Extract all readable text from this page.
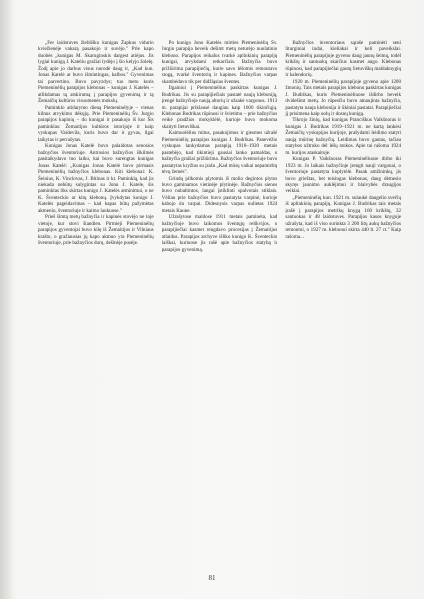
„Fer laidotuves žiebliško kunigas Žapkus vidurio kviežienėje vakarą pasakojo ir suvėjo." Prie kapo duobės „kunigas M. Skaruginskis dargest atiėjus. Jis lygiai kunigą J. Kateliu gražiai lydėjo į šio kelyjo žolelę. Žodį apie jo darbus visus nurodė daug ir, „Kad kun. Jonas Katelė ar buvo išmintingas, kalbos." Gyvenimas tai parvertino. Buvo pavyzdys; tuo metu kuris Piemeninėlių parapijos klebonas – kunigas J. Katelės – atlikdamas tą atskirumą į parapijos gyvenimą ir tą Žemaičių kultūros visuomenės mokslų.

Paminklo atidarymo dieną Piemeninėlyje – vienas kilnus atvykimo dėkųjų. Prie Piemeninėlių Šv. Jurgio parapijos kapinių – du kunigai ir pasakojo iš kur Šis paminklas: Žemaitijos kultūros istorijoje ir kaip vyskupas Vaidevila, kuris buvo dar ir gyvas, ilgai laikytas ir perrašytas.

Kunigas Jonas Katelė buvo palaidotas senosios bažnyčios šventoriuje. Antrosios bažnyčios iškilmės pasitaikydavo tuo laiku, kai buvo surengtas kunigas Jonas Katelė: „Kunigas Jonas Katelė buvo pirmasis Piemeninėlių bažnyčios klebonas. Kiti klebonai: K. Šeinius, K. Vinclovas, J. Bitinas ir kt. Paminklą, kad jis niekada nebūtų sulygintas su Jonu J. Katele, šis paminklas liks skirtas kunigo J. Katelės atminimui, o ne K. Šventeckio ar kitų klebonų. Įvykdytas kunigo J. Katelės pageidavimas – kad kapas būtų pažymėtas akmeniu, šventoriuje ir kaimo laukuose."

Prieš šimtą metų bažnyčia ir kapinės stovėjo ne toje vietoje, kur stovi šiandien. Pirmieji Piemeninėlių parapijos gyventojai buvo kilę iš Žemaitijos ir Vilniaus krašto, o gražiausias jų kapo akmuo yra Piemeninėlių šventoriuje, prie bažnyčios durų, dešinėje pusėje.

Po kunigo Jono Katelės mirties Piemeninėlių Šv. Jurgio parapija beveik dešimt metų neturėjo nuolatinio klebono. Parapijos reikalus tvarkė aplinkinių parapijų kunigai, atvykdami retkarčiais. Bažnyčia buvo prižiūrima parapijiečių, kurie savo lėšomis remontavo stogą, tvarkė šventorių ir kapines. Bažnyčios varpas skambėdavo tik per didžiąsias šventes.

Ilgainiui į Piemeninėlius paskirtas kunigas J. Budrikas. Jis su parapijiečiais pastatė naują kleboniją, įrengė bažnyčioje naują altorių ir užsakė vargonus. 1913 m. parapijai priklausė daugiau kaip 1600 tikinčiųjų. Klebonas Budrikas rūpinosi ir švietimu – prie bažnyčios veikė pradžios mokyklėlė, kurioje buvo mokoma skaityti lietuviškai.

Kaimuolėlius mitus, pasakojimus ir giesmes užrašė Piemeninėlių parapijos kunigas J. Budrikas. Panevėžio vyskupas lankydamas parapiją 1918–1920 metais pastebėjo, kad tikintieji gausiai lanko pamaldas, o bažnyčia gražiai prižiūrima. Bažnyčios šventoriuje buvo pastatytas kryžius su įrašu „Kad mūsų vaikai nepamirštų tėvų žemės".

Grindų pilkomis plytomis iš molio degintos plytos buvo gaminamos vietinėje plytinėje. Bažnyčios sienos buvo nubaltintos, langai įstiklinti spalvotais stiklais. Vėliau prie bažnyčios buvo pastatyta varpinė, kurioje kabojo du varpai. Didesnysis varpas nulietas 1924 metais Kaune.

Užrašytose maldose 1911 metais paminėta, kad bažnyčioje buvo laikomos šventųjų relikvijos, o parapijiečiai kasmet rengdavo procesijas į Žemaitijos atlaidus. Parapijos archyve išliko kunigo K. Šventeckio laiškai, kuriuose jis rašė apie bažnyčios statybą ir parapijos gyvenimą.

Bažnyčios inventoriaus sąraše paminėti seni liturginiai indai, kieliakai ir keli paveikslai. Piemeninėlių parapijoje gyveno daug jaunų šeimų, todėl krikštų ir santuokų skaičius kasmet augo. Klebonas rūpinosi, kad parapijiečiai gautų lietuviškų maldaknygių ir kalendorių.

1920 m. Piemeninėlių parapijoje gyveno apie 1200 žmonių. Tais metais parapijos klebonu paskirtas kunigas J. Budrikas, kuris Piemeninėliuose išdirbo beveik dvidešimt metų. Jo rūpesčiu buvo atnaujinta bažnyčia, pastatyta nauja klebonija ir ūkiniai pastatai. Parapijiečiai jį prisimena kaip uolų ir dosnų kunigą.

Tikrojo žinių, kad kunigas Pranciškus Vaikšnoras ir kunigas J. Budrikas 1919–1921 m. ne kartą lankėsi Žemaičių vyskupijos kurijoje, prašydami leidimo statyti naują mūrinę bažnyčią. Leidimas buvo gautas, tačiau statybos užtruko dėl lėšų stokos. Apie tai rašoma 1924 m. kurijos ataskaitoje.

Kunigas P. Vaikšnoras Piemeninėliuose dirbo iki 1923 m. Jo laikais bažnyčioje įrengti nauji vargonai, o šventoriuje pastatyta koplytėlė. Pasak amžininkų, jis buvo griežtas, bet teisingas klebonas, daug dėmesio skyręs jaunimo auklėjimui ir blaivybės draugijos veiklai.

„Piemeninėlių kun. 1921 m. sulaukė daugelio svečių iš aplinkinių parapijų. Kunigas J. Budrikas tais metais įrašė į parapijos metrikų knygą 160 krikštų, 32 santuokas ir 48 laidotuves. Parapijos kasos knygoje užrašyta, kad iš viso surinkta 3 200 litų aukų bažnyčios remontui, o 1927 m. klebonui skirta 440 lt. 27 ct." Kaip rašoma...

81
